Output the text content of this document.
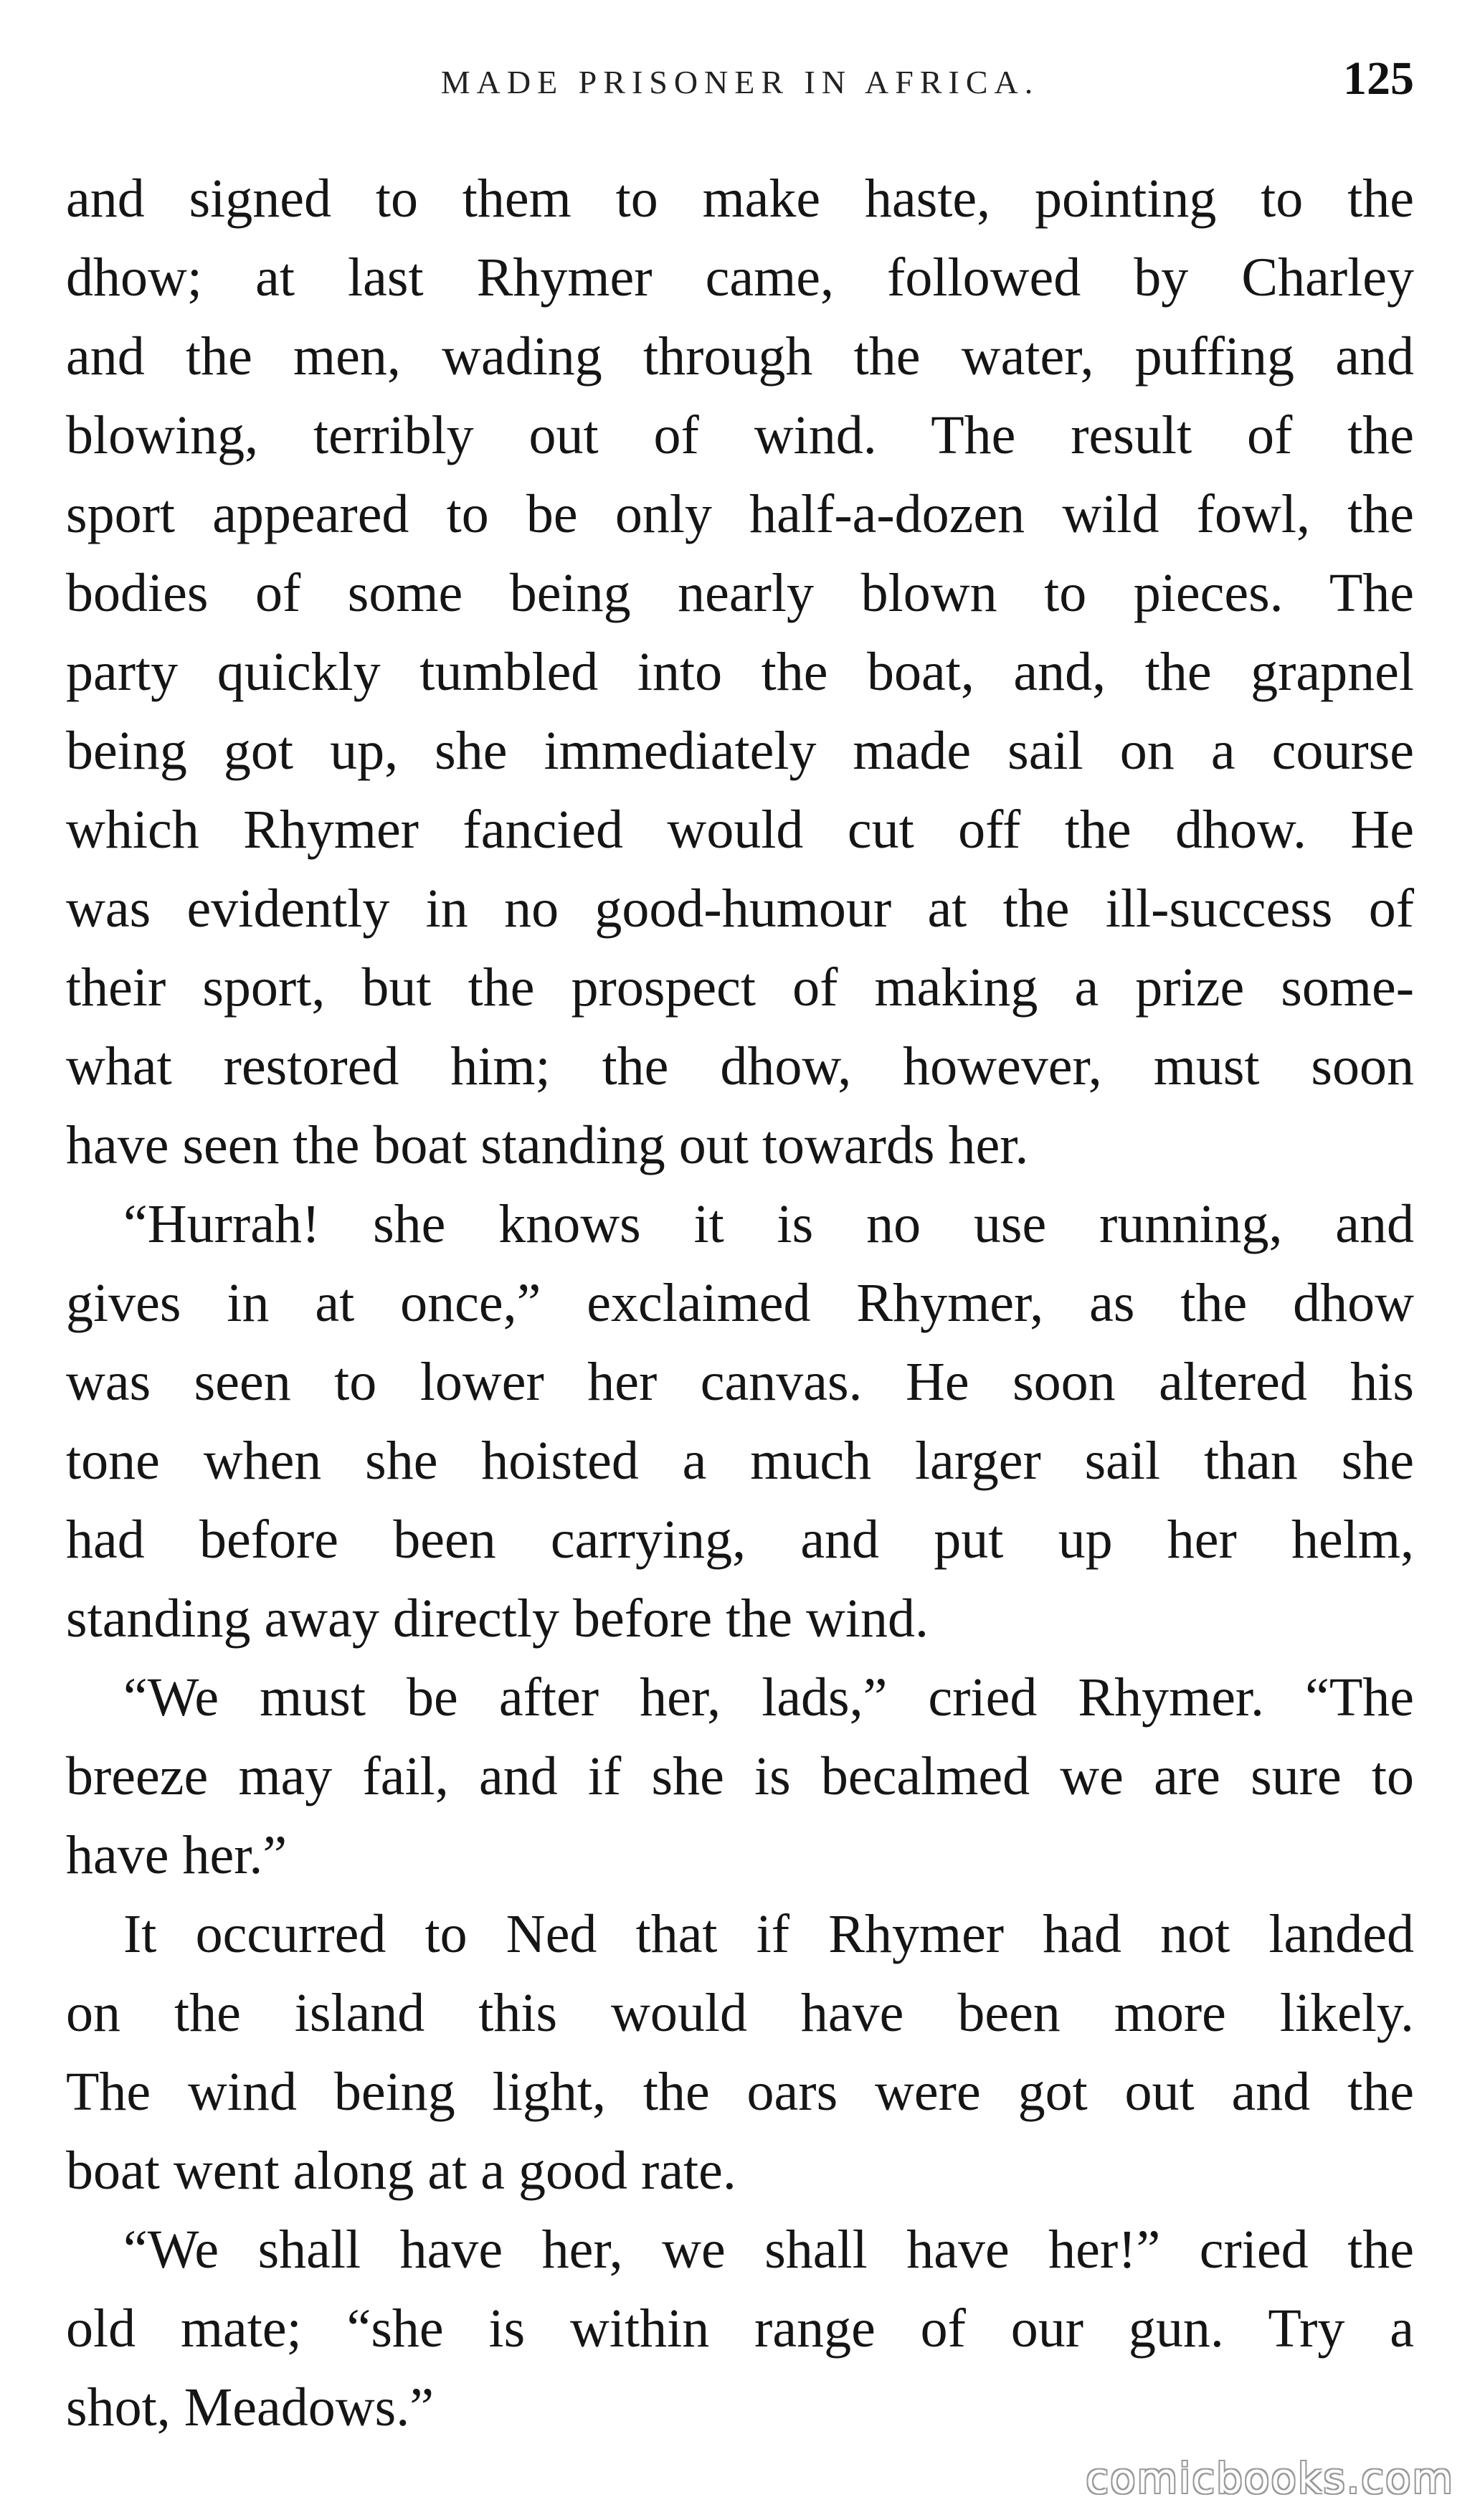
MADE PRISONER IN AFRICA.	125
and signed to them to make haste, pointing to the
dhow; at last Rhymer came, followed by Charley
and the men, wading through the water, puffing and
blowing, terribly out of wind. The result of the
sport appeared to be only half-a-dozen wild fowl, the
bodies of some being nearly blown to pieces. The
party quickly tumbled into the boat, and, the grapnel
being got up, she immediately made sail on a course
which Rhymer fancied would cut off the dhow. He
was evidently in no good-humour at the ill-success of
their sport, but the prospect of making a prize some-
what restored him; the dhow, however, must soon
have seen the boat standing out towards her.
“Hurrah! she knows it is no use running, and
gives in at once,” exclaimed Rhymer, as the dhow
was seen to lower her canvas. He soon altered his
tone when she hoisted a much larger sail than she
had before been carrying, and put up her helm,
standing away directly before the wind.
“We must be after her, lads,” cried Rhymer. “The
breeze may fail, and if she is becalmed we are sure to
have her.”
It occurred to Ned that if Rhymer had not landed
on the island this would have been more likely.
The wind being light, the oars were got out and the
boat went along at a good rate.
“We shall have her, we shall have her!” cried the
old mate; “she is within range of our gun. Try a
shot, Meadows.”
comicbooks.com
